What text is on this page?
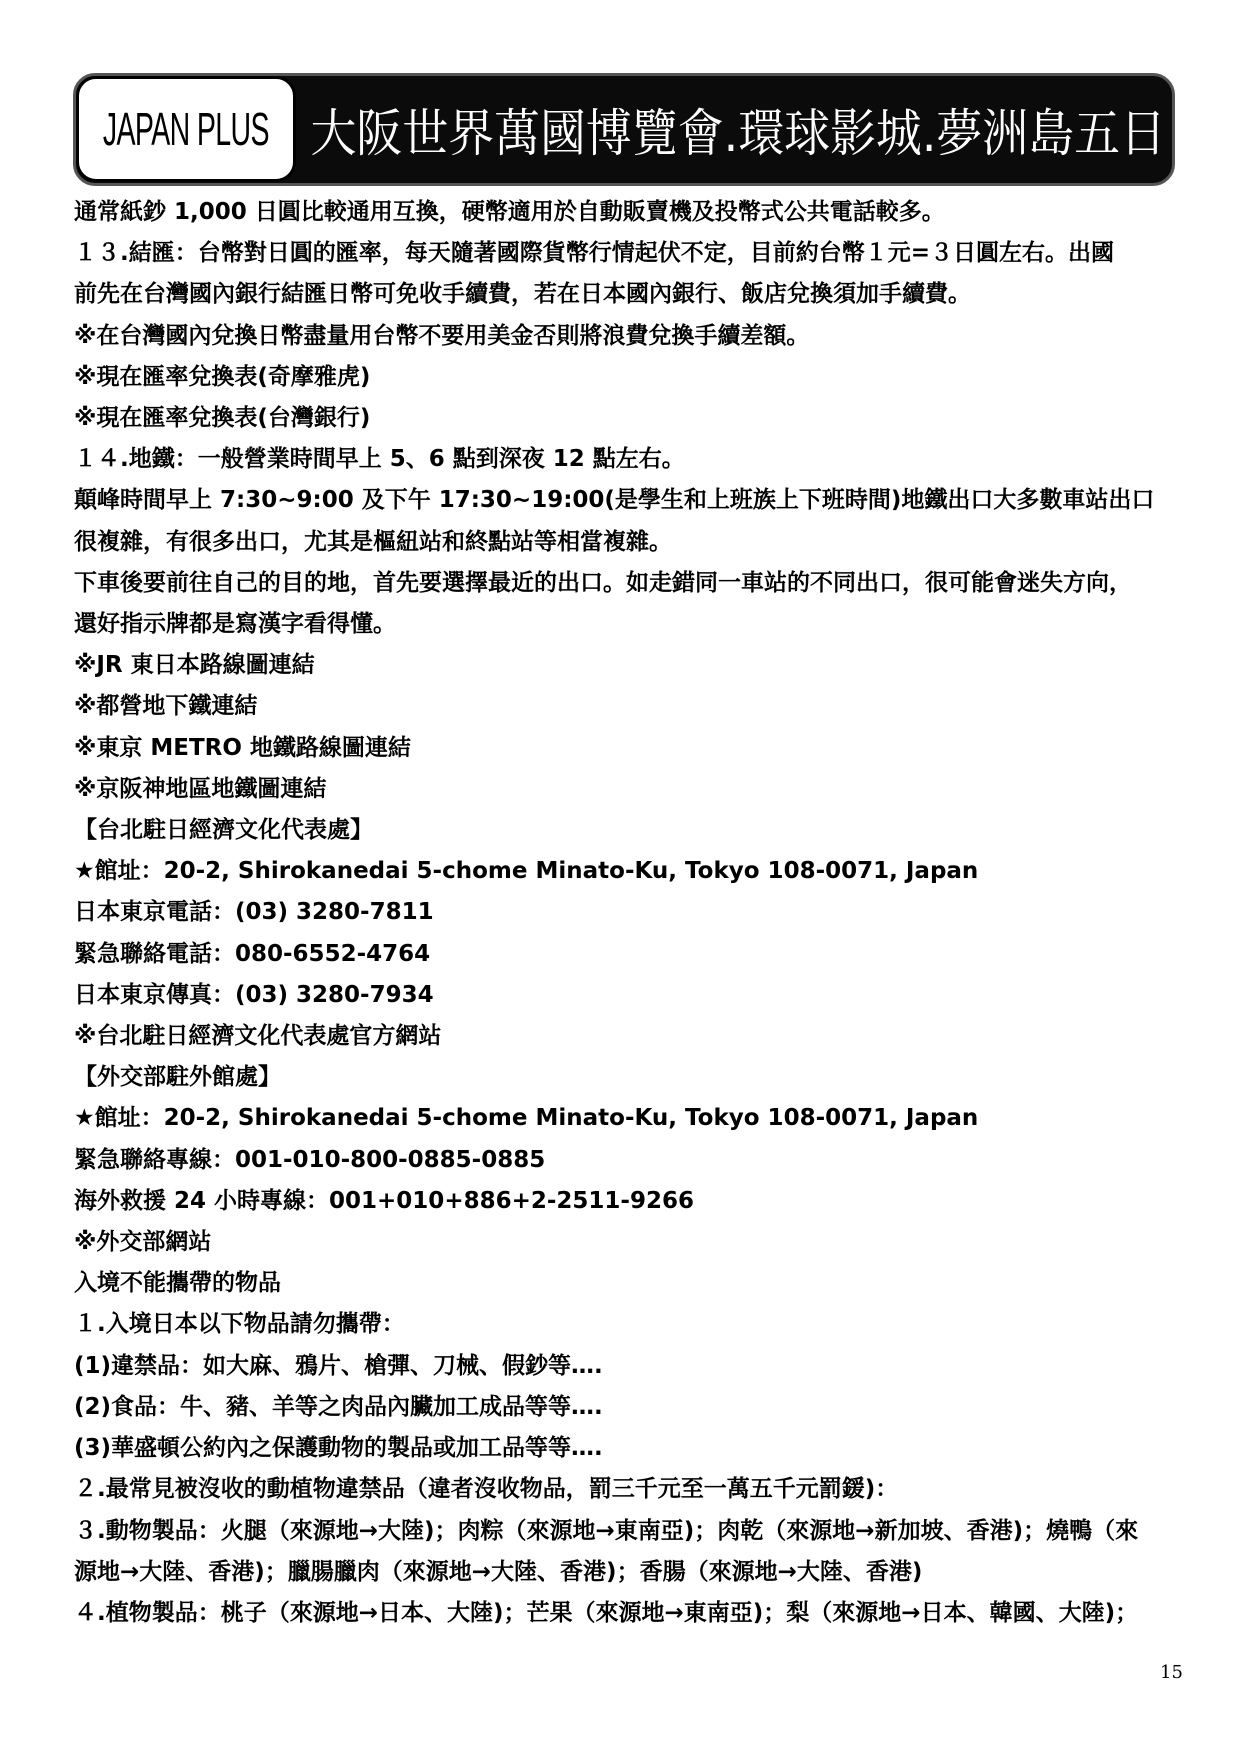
JAPAN PLUS 大阪世界萬國博覽會.環球影城.夢洲島五日
通常紙鈔 1,000 日圓比較通用互換，硬幣適用於自動販賣機及投幣式公共電話較多。
１３.結匯：台幣對日圓的匯率，每天隨著國際貨幣行情起伏不定，目前約台幣１元=３日圓左右。出國
前先在台灣國內銀行結匯日幣可免收手續費，若在日本國內銀行、飯店兌換須加手續費。
※在台灣國內兌換日幣盡量用台幣不要用美金否則將浪費兌換手續差額。
※現在匯率兌換表(奇摩雅虎)
※現在匯率兌換表(台灣銀行)
１４.地鐵：一般營業時間早上 5、6 點到深夜 12 點左右。
顛峰時間早上 7:30~9:00 及下午 17:30~19:00(是學生和上班族上下班時間)地鐵出口大多數車站出口
很複雜，有很多出口，尤其是樞紐站和終點站等相當複雜。
下車後要前往自己的目的地，首先要選擇最近的出口。如走錯同一車站的不同出口，很可能會迷失方向，
還好指示牌都是寫漢字看得懂。
※JR 東日本路線圖連結
※都營地下鐵連結
※東京 METRO 地鐵路線圖連結
※京阪神地區地鐵圖連結
【台北駐日經濟文化代表處】
★館址：20-2, Shirokanedai 5-chome Minato-Ku, Tokyo 108-0071, Japan
日本東京電話：(03) 3280-7811
緊急聯絡電話：080-6552-4764
日本東京傳真：(03) 3280-7934
※台北駐日經濟文化代表處官方網站
【外交部駐外館處】
★館址：20-2, Shirokanedai 5-chome Minato-Ku, Tokyo 108-0071, Japan
緊急聯絡專線：001-010-800-0885-0885
海外救援 24 小時專線：001+010+886+2-2511-9266
※外交部網站
入境不能攜帶的物品
１.入境日本以下物品請勿攜帶：
(1)違禁品：如大麻、鴉片、槍彈、刀械、假鈔等….
(2)食品：牛、豬、羊等之肉品內臟加工成品等等….
(3)華盛頓公約內之保護動物的製品或加工品等等….
２.最常見被沒收的動植物違禁品（違者沒收物品，罰三千元至一萬五千元罰鍰)：
３.動物製品：火腿（來源地→大陸)；肉粽（來源地→東南亞)；肉乾（來源地→新加坡、香港)；燒鴨（來
源地→大陸、香港)；臘腸臘肉（來源地→大陸、香港)；香腸（來源地→大陸、香港)
４.植物製品：桃子（來源地→日本、大陸)；芒果（來源地→東南亞)；梨（來源地→日本、韓國、大陸)；
15
